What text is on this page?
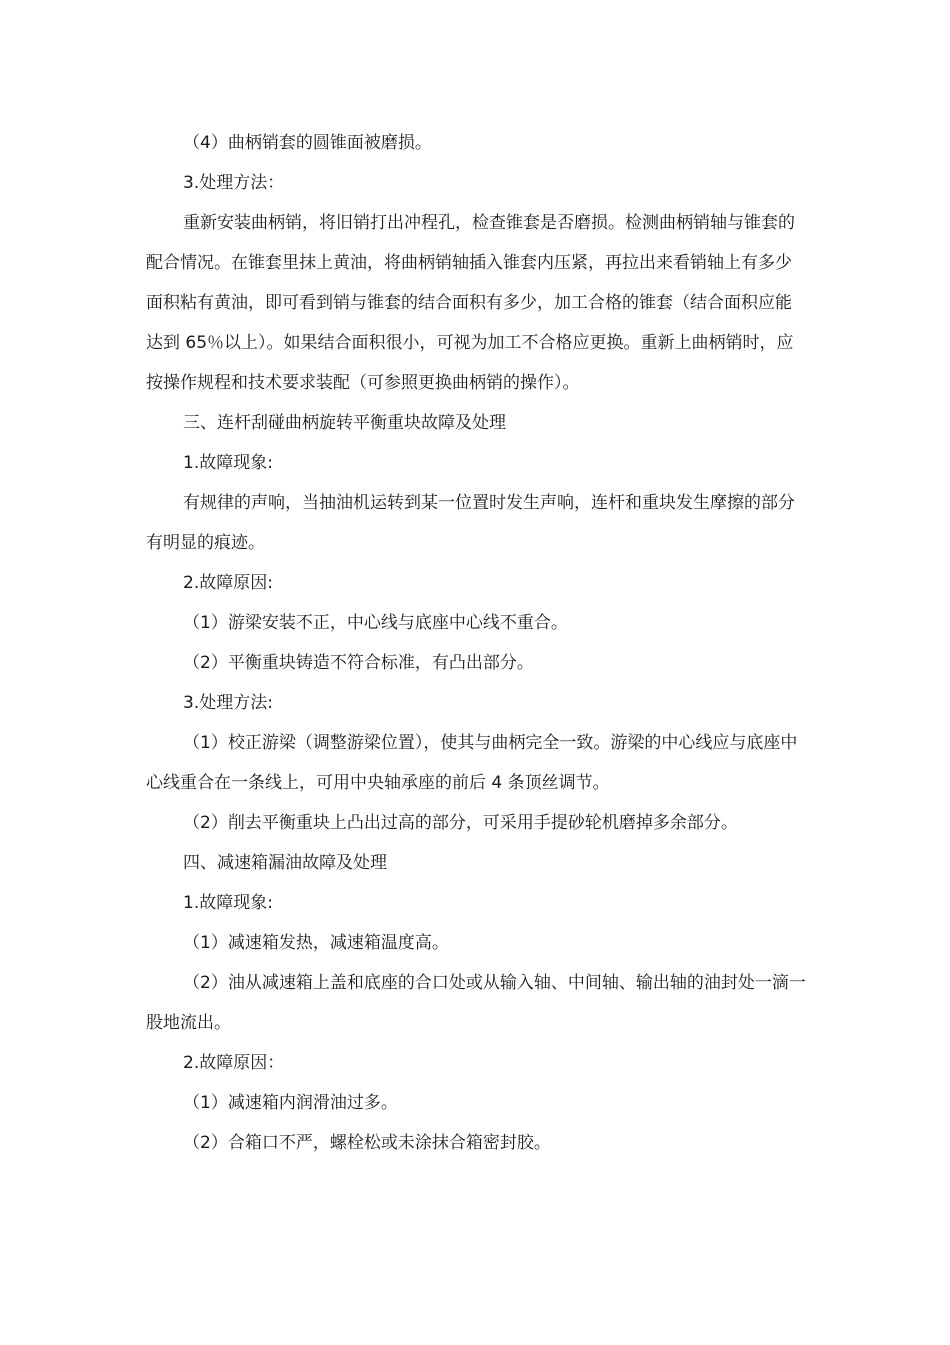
（4）曲柄销套的圆锥面被磨损。

3.处理方法：

重新安装曲柄销，将旧销打出冲程孔，检查锥套是否磨损。检测曲柄销轴与锥套的配合情况。在锥套里抹上黄油，将曲柄销轴插入锥套内压紧，再拉出来看销轴上有多少面积粘有黄油，即可看到销与锥套的结合面积有多少，加工合格的锥套（结合面积应能达到 65％以上）。如果结合面积很小，可视为加工不合格应更换。重新上曲柄销时，应按操作规程和技术要求装配（可参照更换曲柄销的操作）。

三、连杆刮碰曲柄旋转平衡重块故障及处理

1.故障现象:

有规律的声响，当抽油机运转到某一位置时发生声响，连杆和重块发生摩擦的部分有明显的痕迹。

2.故障原因:

（1）游梁安装不正，中心线与底座中心线不重合。

（2）平衡重块铸造不符合标准，有凸出部分。

3.处理方法:

（1）校正游梁（调整游梁位置），使其与曲柄完全一致。游梁的中心线应与底座中心线重合在一条线上，可用中央轴承座的前后 4 条顶丝调节。

（2）削去平衡重块上凸出过高的部分，可采用手提砂轮机磨掉多余部分。

四、减速箱漏油故障及处理

1.故障现象:

（1）减速箱发热，减速箱温度高。

（2）油从减速箱上盖和底座的合口处或从输入轴、中间轴、输出轴的油封处一滴一股地流出。

2.故障原因：

（1）减速箱内润滑油过多。

（2）合箱口不严，螺栓松或未涂抹合箱密封胶。
